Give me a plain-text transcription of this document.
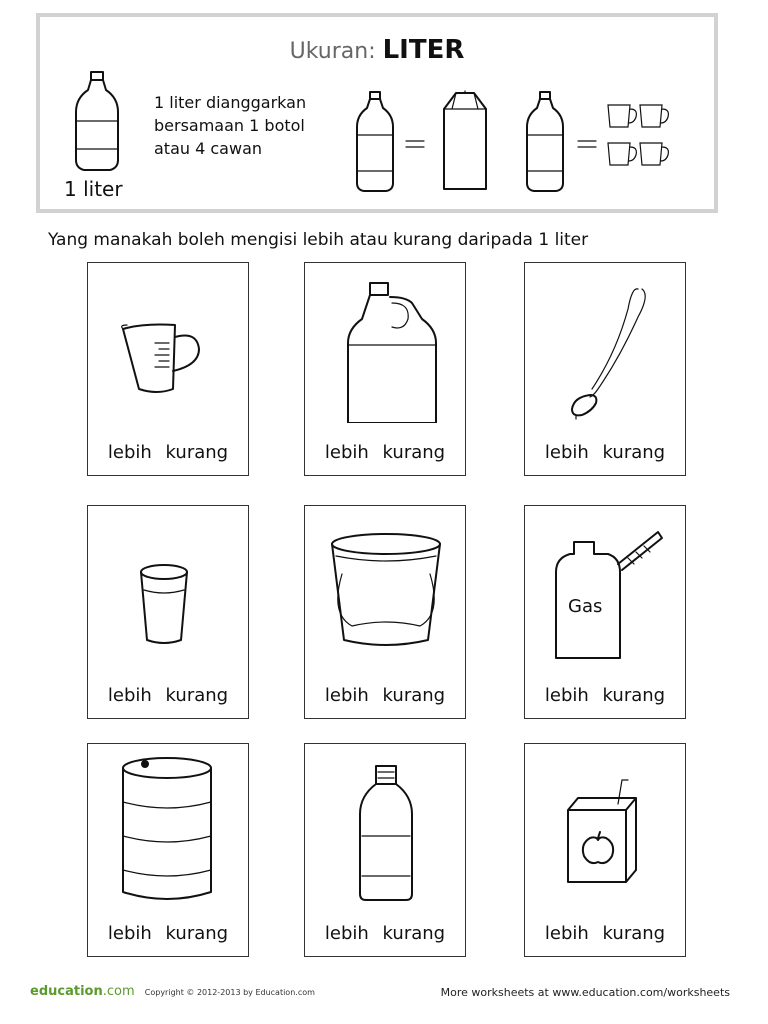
Ukuran: LITER
1 liter
1 liter dianggarkan
bersamaan 1 botol
atau 4 cawan
Yang manakah boleh mengisi lebih atau kurang daripada 1 liter
lebih kurang	lebih kurang	lebih kurang
lebih kurang	lebih kurang
Gas
lebih kurang
lebih kurang	lebih kurang	lebih kurang
education.com Copyright © 2012-2013 by Education.com	More worksheets at www.education.com/worksheets
